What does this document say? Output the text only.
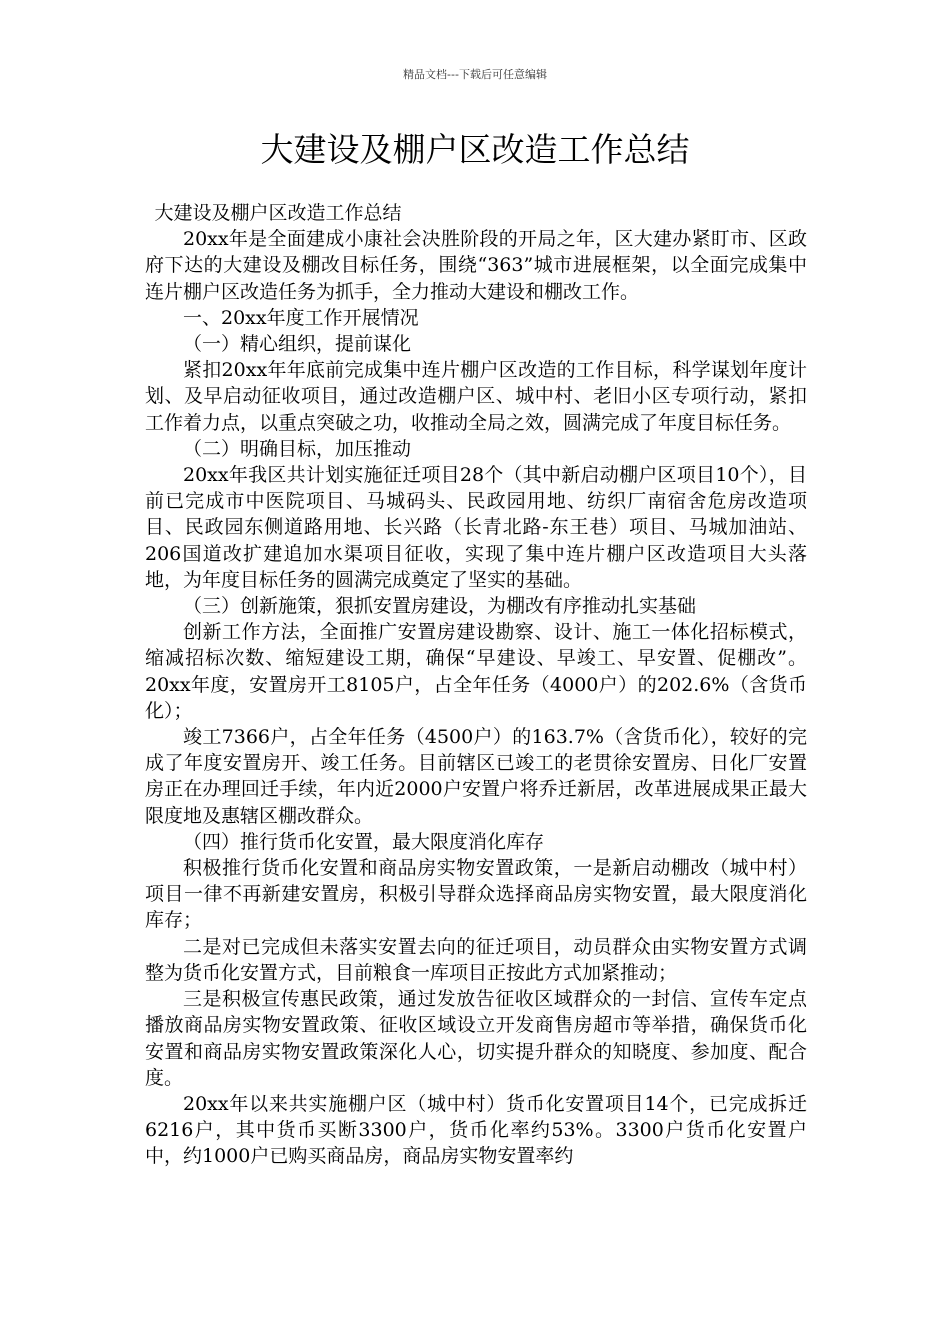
精品文档---下载后可任意编辑
大建设及棚户区改造工作总结

大建设及棚户区改造工作总结

20xx年是全面建成小康社会决胜阶段的开局之年，区大建办紧盯市、区政府下达的大建设及棚改目标任务，围绕“363”城市进展框架，以全面完成集中连片棚户区改造任务为抓手，全力推动大建设和棚改工作。

一、20xx年度工作开展情况

（一）精心组织，提前谋化

紧扣20xx年年底前完成集中连片棚户区改造的工作目标，科学谋划年度计划、及早启动征收项目，通过改造棚户区、城中村、老旧小区专项行动，紧扣工作着力点，以重点突破之功，收推动全局之效，圆满完成了年度目标任务。

（二）明确目标，加压推动

20xx年我区共计划实施征迁项目28个（其中新启动棚户区项目10个），目前已完成市中医院项目、马城码头、民政园用地、纺织厂南宿舍危房改造项目、民政园东侧道路用地、长兴路（长青北路-东王巷）项目、马城加油站、206国道改扩建追加水渠项目征收，实现了集中连片棚户区改造项目大头落地，为年度目标任务的圆满完成奠定了坚实的基础。

（三）创新施策，狠抓安置房建设，为棚改有序推动扎实基础

创新工作方法，全面推广安置房建设勘察、设计、施工一体化招标模式，缩减招标次数、缩短建设工期，确保“早建设、早竣工、早安置、促棚改”。20xx年度，安置房开工8105户，占全年任务（4000户）的202.6%（含货币化）；

竣工7366户，占全年任务（4500户）的163.7%（含货币化），较好的完成了年度安置房开、竣工任务。目前辖区已竣工的老贯徐安置房、日化厂安置房正在办理回迁手续，年内近2000户安置户将乔迁新居，改革进展成果正最大限度地及惠辖区棚改群众。

（四）推行货币化安置，最大限度消化库存

积极推行货币化安置和商品房实物安置政策，一是新启动棚改（城中村）项目一律不再新建安置房，积极引导群众选择商品房实物安置，最大限度消化库存；

二是对已完成但未落实安置去向的征迁项目，动员群众由实物安置方式调整为货币化安置方式，目前粮食一库项目正按此方式加紧推动；

三是积极宣传惠民政策，通过发放告征收区域群众的一封信、宣传车定点播放商品房实物安置政策、征收区域设立开发商售房超市等举措，确保货币化安置和商品房实物安置政策深化人心，切实提升群众的知晓度、参加度、配合度。

20xx年以来共实施棚户区（城中村）货币化安置项目14个，已完成拆迁6216户，其中货币买断3300户，货币化率约53%。3300户货币化安置户中，约1000户已购买商品房，商品房实物安置率约
